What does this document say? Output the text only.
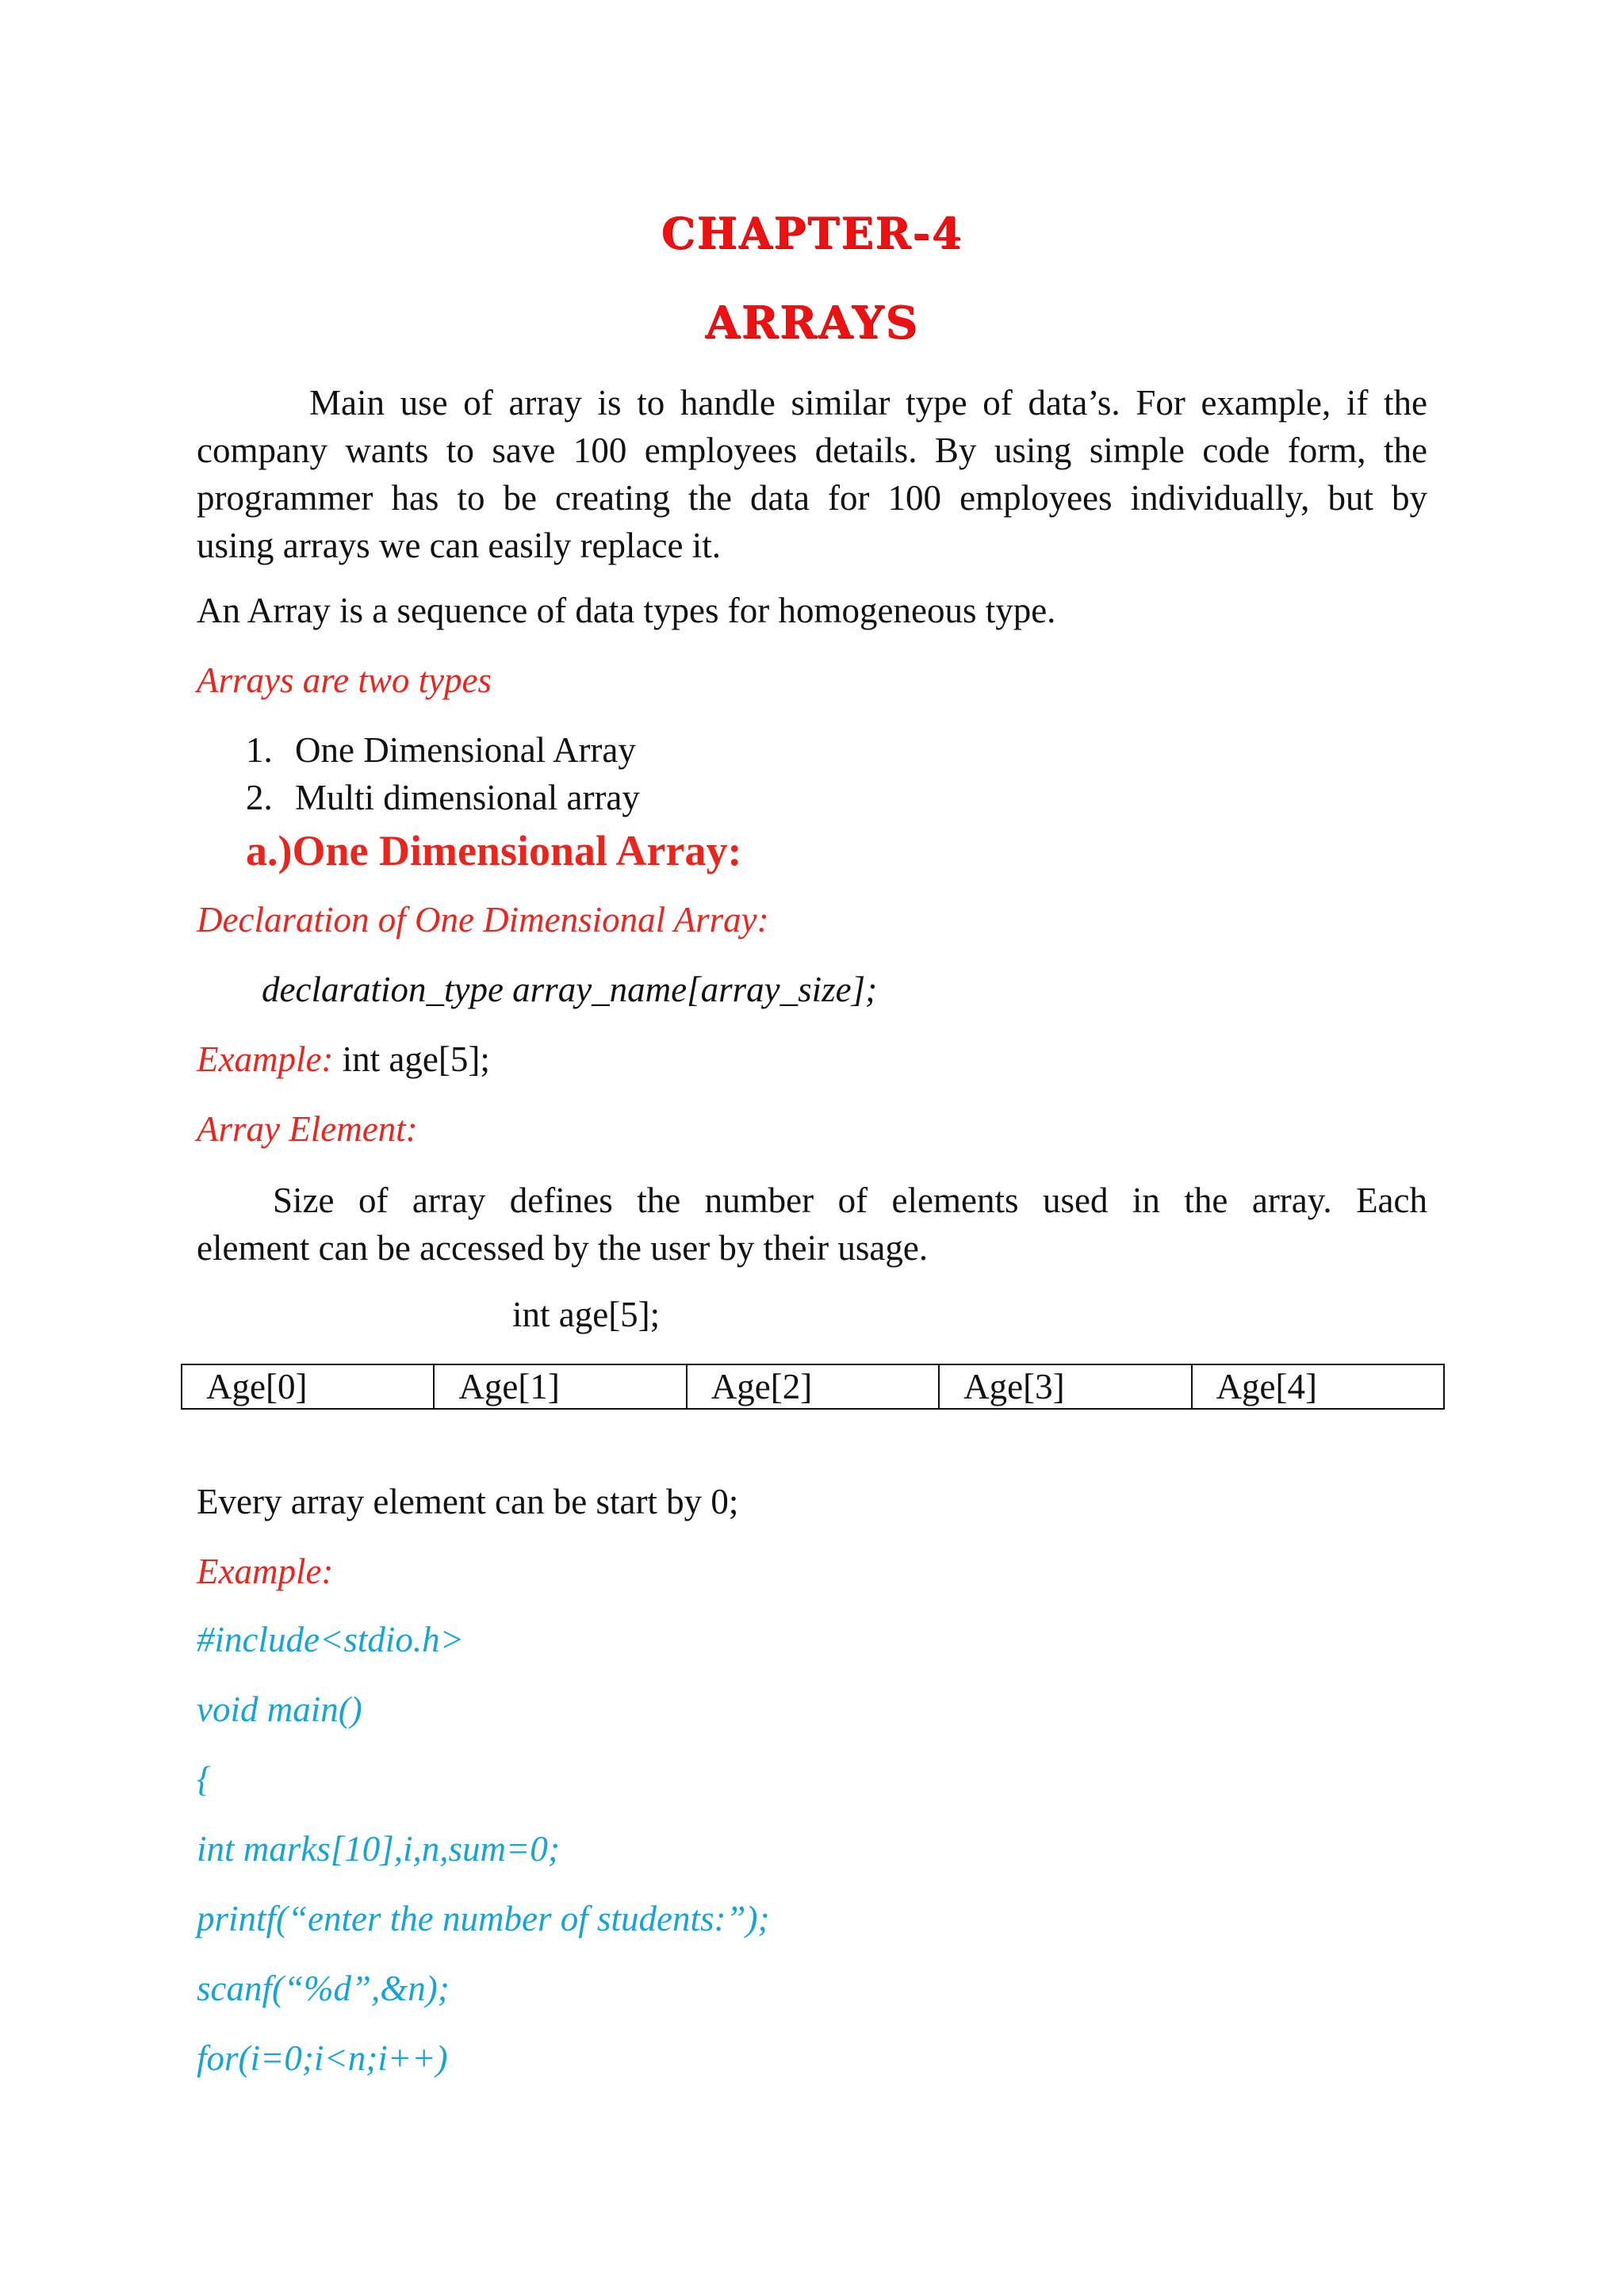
CHAPTER-4
ARRAYS
Main use of array is to handle similar type of data’s. For example, if the
company wants to save 100 employees details. By using simple code form, the
programmer has to be creating the data for 100 employees individually, but by
using arrays we can easily replace it.
An Array is a sequence of data types for homogeneous type.
Arrays are two types
1. One Dimensional Array
2. Multi dimensional array
a.)One Dimensional Array:
Declaration of One Dimensional Array:
declaration_type array_name[array_size];
Example: int age[5];
Array Element:
Size of array defines the number of elements used in the array. Each
element can be accessed by the user by their usage.
int age[5];
Age[0]	Age[1]	Age[2]	Age[3]	Age[4]
Every array element can be start by 0;
Example:
#include<stdio.h>
void main()
{
int marks[10],i,n,sum=0;
printf(“enter the number of students:”);
scanf(“%d”,&n);
for(i=0;i<n;i++)
